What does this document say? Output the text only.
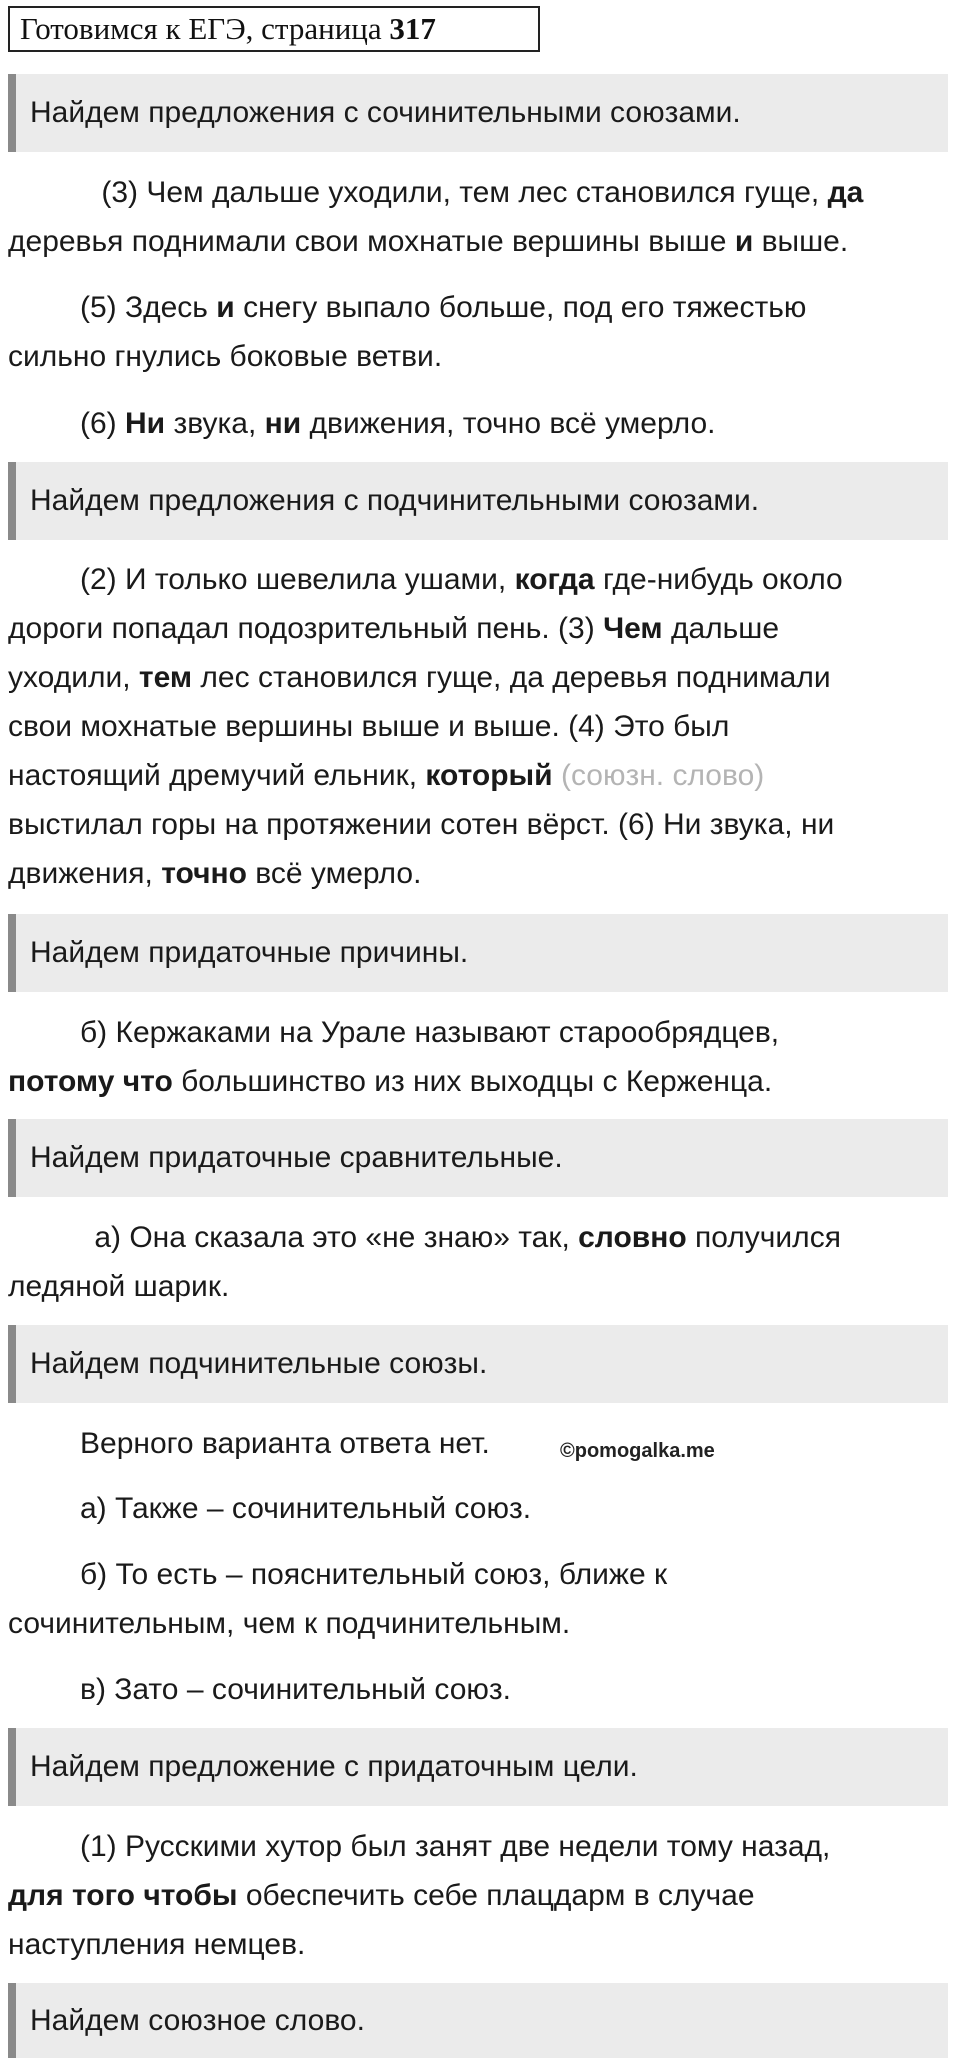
Готовимся к ЕГЭ, страница 317
Найдем предложения с сочинительными союзами.
(3) Чем дальше уходили, тем лес становился гуще, да
деревья поднимали свои мохнатые вершины выше и выше.
(5) Здесь и снегу выпало больше, под его тяжестью
сильно гнулись боковые ветви.
(6) Ни звука, ни движения, точно всё умерло.
Найдем предложения с подчинительными союзами.
(2) И только шевелила ушами, когда где-нибудь около
дороги попадал подозрительный пень. (3) Чем дальше
уходили, тем лес становился гуще, да деревья поднимали
свои мохнатые вершины выше и выше. (4) Это был
настоящий дремучий ельник, который (союзн. слово)
выстилал горы на протяжении сотен вёрст. (6) Ни звука, ни
движения, точно всё умерло.
Найдем придаточные причины.
б) Кержаками на Урале называют старообрядцев,
потому что большинство из них выходцы с Керженца.
Найдем придаточные сравнительные.
а) Она сказала это «не знаю» так, словно получился
ледяной шарик.
Найдем подчинительные союзы.
Верного варианта ответа нет.	©pomogalka.me
а) Также – сочинительный союз.
б) То есть – пояснительный союз, ближе к
сочинительным, чем к подчинительным.
в) Зато – сочинительный союз.
Найдем предложение с придаточным цели.
(1) Русскими хутор был занят две недели тому назад,
для того чтобы обеспечить себе плацдарм в случае
наступления немцев.
Найдем союзное слово.
